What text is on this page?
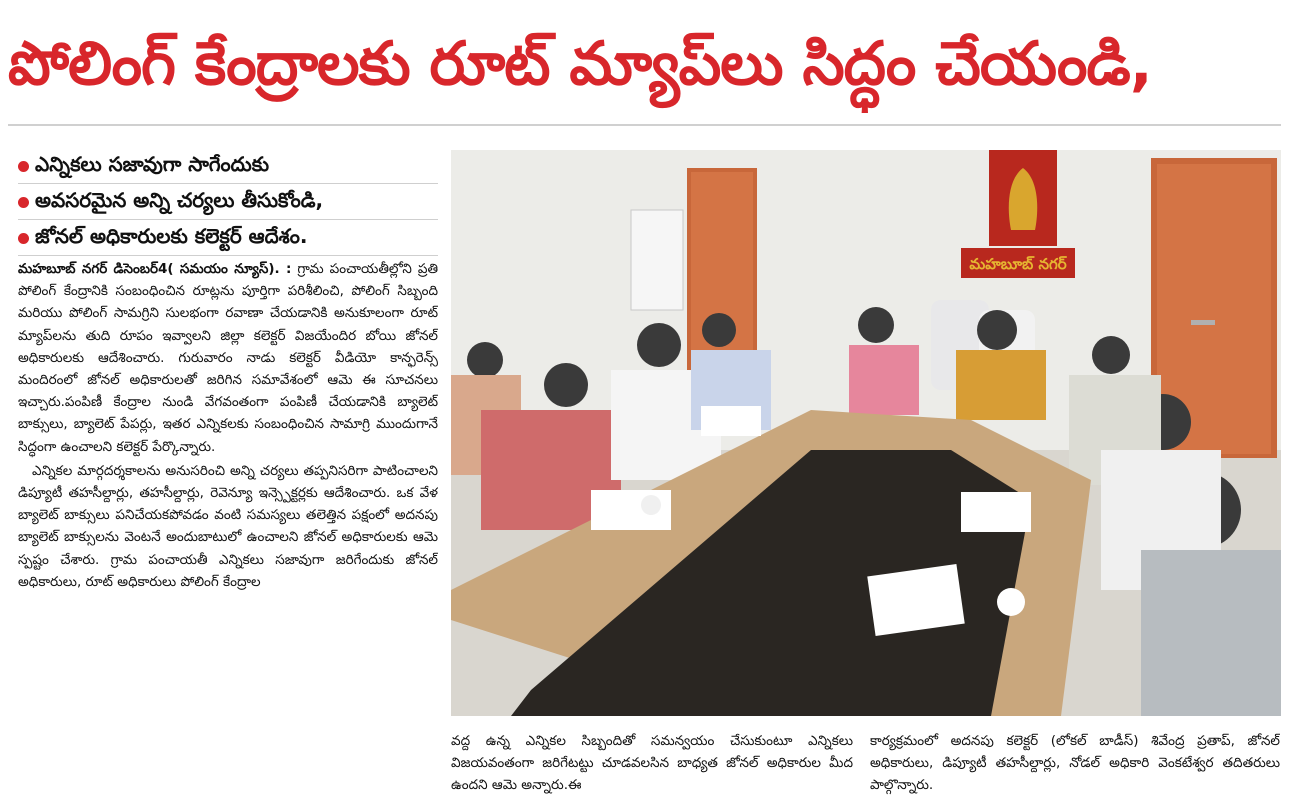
పోలింగ్ కేంద్రాలకు రూట్ మ్యాప్‌లు సిద్ధం చేయండి,
ఎన్నికలు సజావుగా సాగేందుకు
అవసరమైన అన్ని చర్యలు తీసుకోండి,
జోనల్ అధికారులకు కలెక్టర్ ఆదేశం.

మహబూబ్ నగర్ డిసెంబర్4( సమయం న్యూస్). : గ్రామ పంచాయతీల్లోని ప్రతి పోలింగ్ కేంద్రానికి సంబంధించిన రూట్లను పూర్తిగా పరిశీలించి, పోలింగ్ సిబ్బంది మరియు పోలింగ్ సామగ్రిని సులభంగా రవాణా చేయడానికి అనుకూలంగా రూట్ మ్యాప్‌లను తుది రూపం ఇవ్వాలని జిల్లా కలెక్టర్ విజయేందిర బోయి జోనల్ అధికారులకు ఆదేశించారు. గురువారం నాడు కలెక్టర్ వీడియో కాన్ఫరెన్స్ మందిరంలో జోనల్ అధికారులతో జరిగిన సమావేశంలో ఆమె ఈ సూచనలు ఇచ్చారు.పంపిణీ కేంద్రాల నుండి వేగవంతంగా పంపిణీ చేయడానికి బ్యాలెట్ బాక్సులు, బ్యాలెట్ పేపర్లు, ఇతర ఎన్నికలకు సంబంధించిన సామాగ్రి ముందుగానే సిద్ధంగా ఉంచాలని కలెక్టర్ పేర్కొన్నారు.

ఎన్నికల మార్గదర్శకాలను అనుసరించి అన్ని చర్యలు తప్పనిసరిగా పాటించాలని డిప్యూటీ తహసీల్దార్లు, తహసీల్దార్లు, రెవెన్యూ ఇన్స్పెక్టర్లకు ఆదేశించారు. ఒక వేళ బ్యాలెట్ బాక్సులు పనిచేయకపోవడం వంటి సమస్యలు తలెత్తిన పక్షంలో అదనపు బ్యాలెట్ బాక్సులను వెంటనే అందుబాటులో ఉంచాలని జోనల్ అధికారులకు ఆమె స్పష్టం చేశారు. గ్రామ పంచాయతీ ఎన్నికలు సజావుగా జరిగేందుకు జోనల్ అధికారులు, రూట్ అధికారులు పోలింగ్ కేంద్రాల

మహబూబ్ నగర్
వద్ద ఉన్న ఎన్నికల సిబ్బందితో సమన్వయం చేసుకుంటూ ఎన్నికలు విజయవంతంగా జరిగేటట్టు చూడవలసిన బాధ్యత జోనల్ అధికారుల మీద ఉందని ఆమె అన్నారు.ఈ
కార్యక్రమంలో అదనపు కలెక్టర్ (లోకల్ బాడీస్) శివేంద్ర ప్రతాప్, జోనల్ అధికారులు, డిప్యూటీ తహసీల్దార్లు, నోడల్ అధికారి వెంకటేశ్వర తదితరులు పాల్గొన్నారు.
